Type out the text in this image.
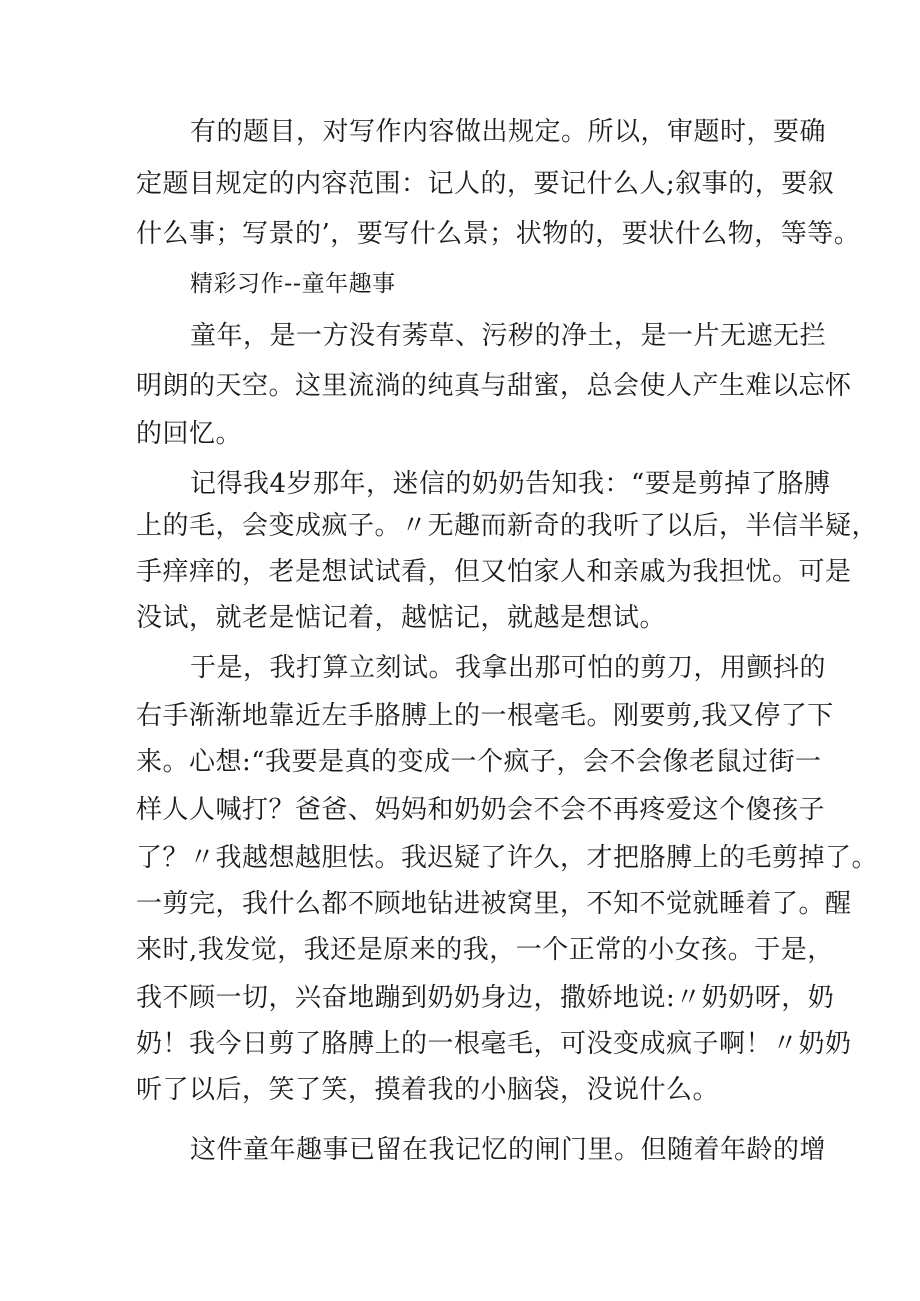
有的题目，对写作内容做出规定。所以，审题时，要确
定题目规定的内容范围：记人的，要记什么人;叙事的，要叙
什么事；写景的’，要写什么景；状物的，要状什么物，等等。
精彩习作--童年趣事
童年，是一方没有莠草、污秽的净土，是一片无遮无拦
明朗的天空。这里流淌的纯真与甜蜜，总会使人产生难以忘怀
的回忆。
记得我4岁那年，迷信的奶奶告知我：“要是剪掉了胳膊
上的毛，会变成疯子。〃无趣而新奇的我听了以后，半信半疑，
手痒痒的，老是想试试看，但又怕家人和亲戚为我担忧。可是
没试，就老是惦记着，越惦记，就越是想试。
于是，我打算立刻试。我拿出那可怕的剪刀，用颤抖的
右手渐渐地靠近左手胳膊上的一根毫毛。刚要剪,我又停了下
来。心想:“我要是真的变成一个疯子，会不会像老鼠过街一
样人人喊打？爸爸、妈妈和奶奶会不会不再疼爱这个傻孩子
了？〃我越想越胆怯。我迟疑了许久，才把胳膊上的毛剪掉了。
一剪完，我什么都不顾地钻进被窝里，不知不觉就睡着了。醒
来时,我发觉，我还是原来的我，一个正常的小女孩。于是，
我不顾一切，兴奋地蹦到奶奶身边，撒娇地说:〃奶奶呀，奶
奶！我今日剪了胳膊上的一根毫毛，可没变成疯子啊！〃奶奶
听了以后，笑了笑，摸着我的小脑袋，没说什么。
这件童年趣事已留在我记忆的闸门里。但随着年龄的增
